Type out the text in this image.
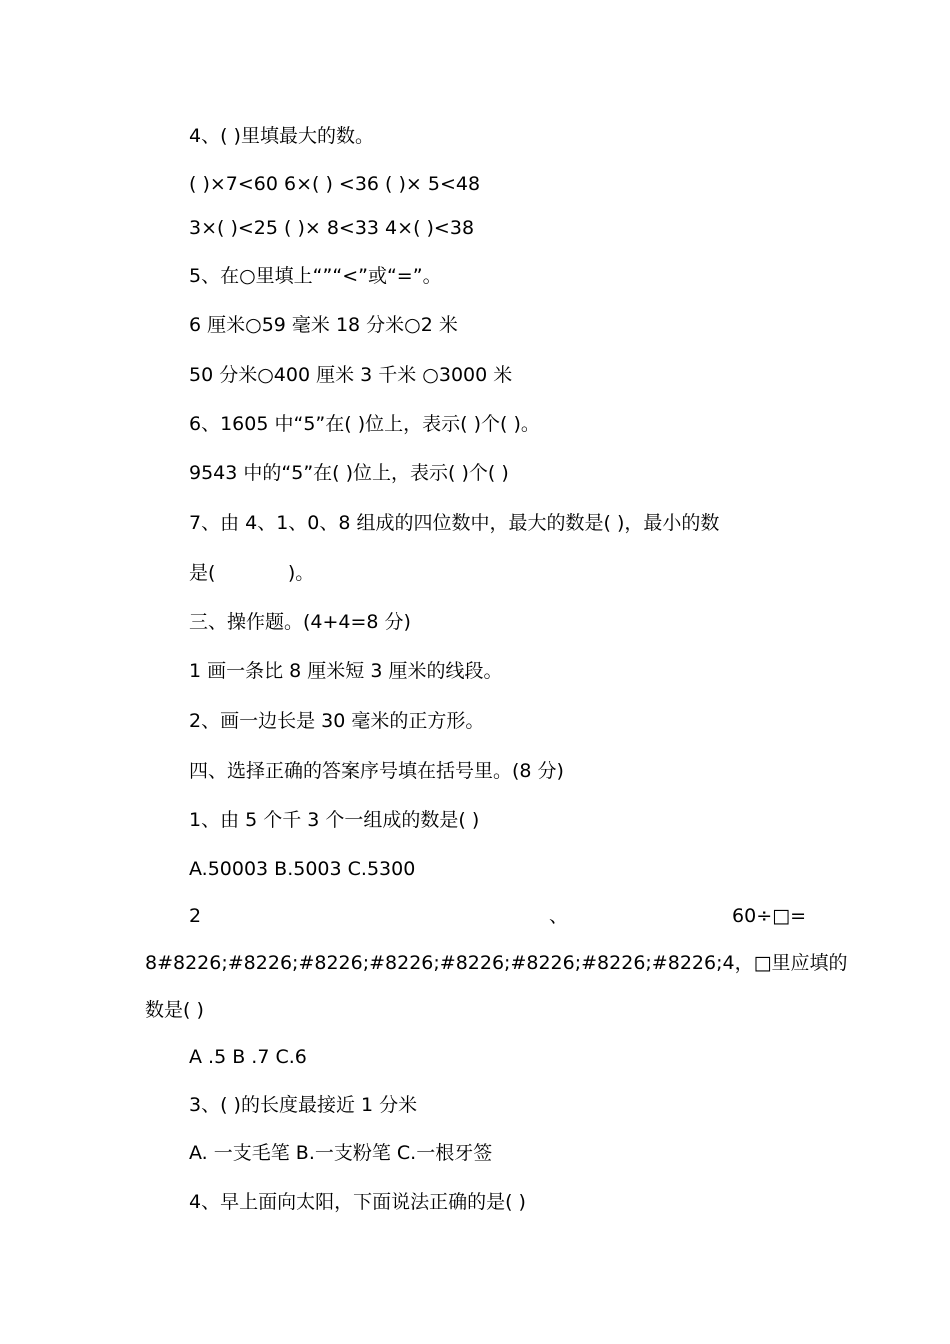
4、( )里填最大的数。
( )×7<60 6×( ) <36 ( )× 5<48
3×( )<25 ( )× 8<33 4×( )<38
5、在○里填上“”“<”或“=”。
6 厘米○59 毫米 18 分米○2 米
50 分米○400 厘米 3 千米 ○3000 米
6、1605 中“5”在( )位上，表示( )个( )。
9543 中的“5”在( )位上，表示( )个( )
7、由 4、1、0、8 组成的四位数中，最大的数是( )，最小的数
是(            )。
三、操作题。(4+4=8 分)
1 画一条比 8 厘米短 3 厘米的线段。
2、画一边长是 30 毫米的正方形。
四、选择正确的答案序号填在括号里。(8 分)
1、由 5 个千 3 个一组成的数是( )
A.50003 B.5003 C.5300
2	、	60÷□=
8#8226;#8226;#8226;#8226;#8226;#8226;#8226;#8226;4，□里应填的
数是( )
A .5 B .7 C.6
3、( )的长度最接近 1 分米
A. 一支毛笔 B.一支粉笔 C.一根牙签
4、早上面向太阳，下面说法正确的是( )
